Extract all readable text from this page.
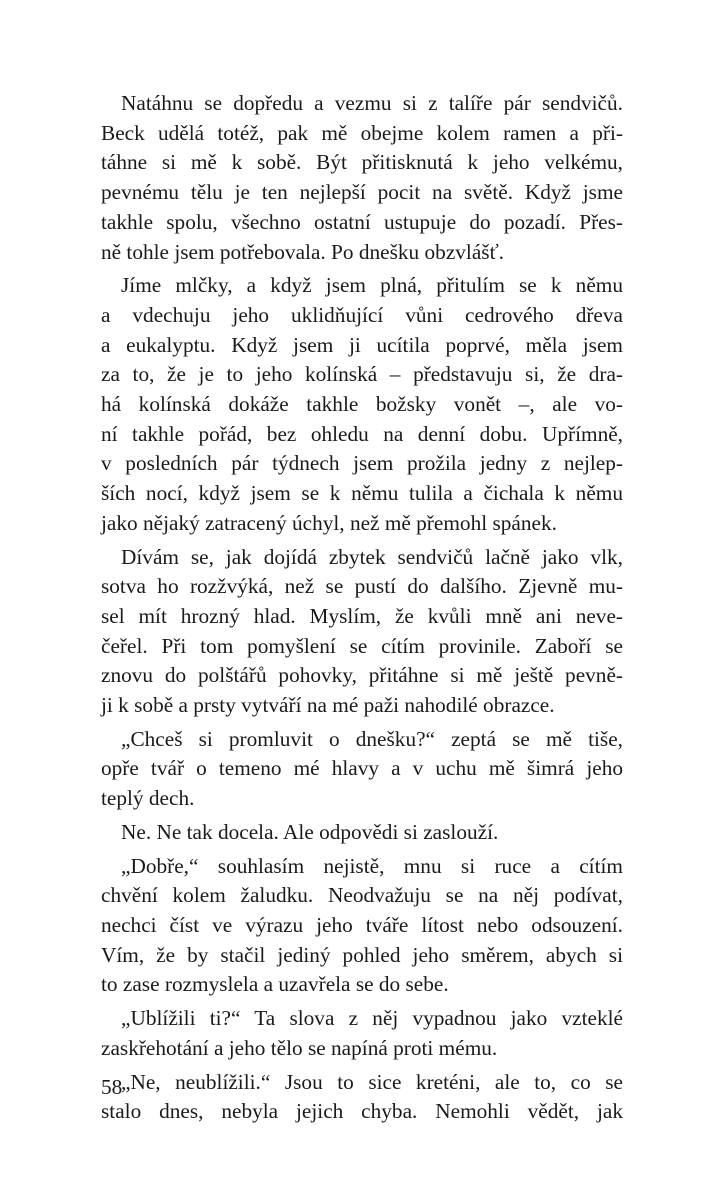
Natáhnu se dopředu a vezmu si z talíře pár sendvičů.
Beck udělá totéž, pak mě obejme kolem ramen a při-
táhne si mě k sobě. Být přitisknutá k jeho velkému,
pevnému tělu je ten nejlepší pocit na světě. Když jsme
takhle spolu, všechno ostatní ustupuje do pozadí. Přes-
ně tohle jsem potřebovala. Po dnešku obzvlášť.

Jíme mlčky, a když jsem plná, přitulím se k němu
a vdechuju jeho uklidňující vůni cedrového dřeva
a eukalyptu. Když jsem ji ucítila poprvé, měla jsem
za to, že je to jeho kolínská – představuju si, že dra-
há kolínská dokáže takhle božsky vonět –, ale vo-
ní takhle pořád, bez ohledu na denní dobu. Upřímně,
v posledních pár týdnech jsem prožila jedny z nejlep-
ších nocí, když jsem se k němu tulila a čichala k němu
jako nějaký zatracený úchyl, než mě přemohl spánek.

Dívám se, jak dojídá zbytek sendvičů lačně jako vlk,
sotva ho rozžvýká, než se pustí do dalšího. Zjevně mu-
sel mít hrozný hlad. Myslím, že kvůli mně ani neve-
čeřel. Při tom pomyšlení se cítím provinile. Zaboří se
znovu do polštářů pohovky, přitáhne si mě ještě pevně-
ji k sobě a prsty vytváří na mé paži nahodilé obrazce.

„Chceš si promluvit o dnešku?“ zeptá se mě tiše,
opře tvář o temeno mé hlavy a v uchu mě šimrá jeho
teplý dech.

Ne. Ne tak docela. Ale odpovědi si zaslouží.

„Dobře,“ souhlasím nejistě, mnu si ruce a cítím
chvění kolem žaludku. Neodvažuju se na něj podívat,
nechci číst ve výrazu jeho tváře lítost nebo odsouzení.
Vím, že by stačil jediný pohled jeho směrem, abych si
to zase rozmyslela a uzavřela se do sebe.

„Ublížili ti?“ Ta slova z něj vypadnou jako vzteklé
zaskřehotání a jeho tělo se napíná proti mému.

„Ne, neublížili.“ Jsou to sice kreténi, ale to, co se
stalo dnes, nebyla jejich chyba. Nemohli vědět, jak

58
